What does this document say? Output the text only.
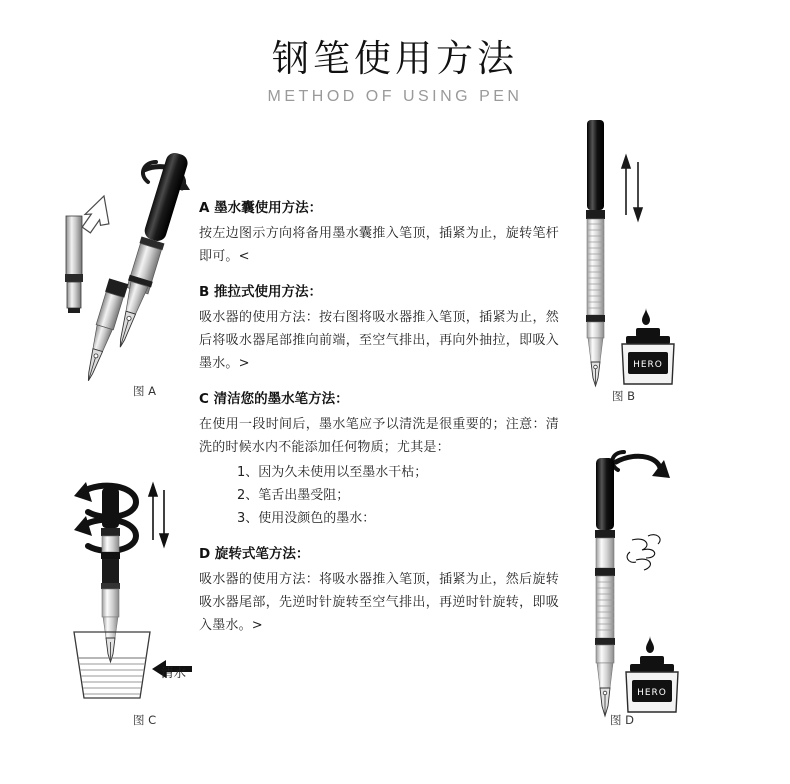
钢笔使用方法
METHOD OF USING PEN
图 A
HERO
图 B
清水
图 C
HERO
图 D
A 墨水囊使用方法：
按左边图示方向将备用墨水囊推入笔顶，插紧为止，旋转笔杆即可。<
B 推拉式使用方法：
吸水器的使用方法：按右图将吸水器推入笔顶，插紧为止，然后将吸水器尾部推向前端，至空气排出，再向外抽拉，即吸入墨水。>
C 清洁您的墨水笔方法：
在使用一段时间后，墨水笔应予以清洗是很重要的；注意：清洗的时候水内不能添加任何物质；尤其是：
1、因为久未使用以至墨水干枯；
2、笔舌出墨受阻；
3、使用没颜色的墨水：
D 旋转式笔方法：
吸水器的使用方法：将吸水器推入笔顶，插紧为止，然后旋转吸水器尾部，先逆时针旋转至空气排出，再逆时针旋转，即吸入墨水。>
